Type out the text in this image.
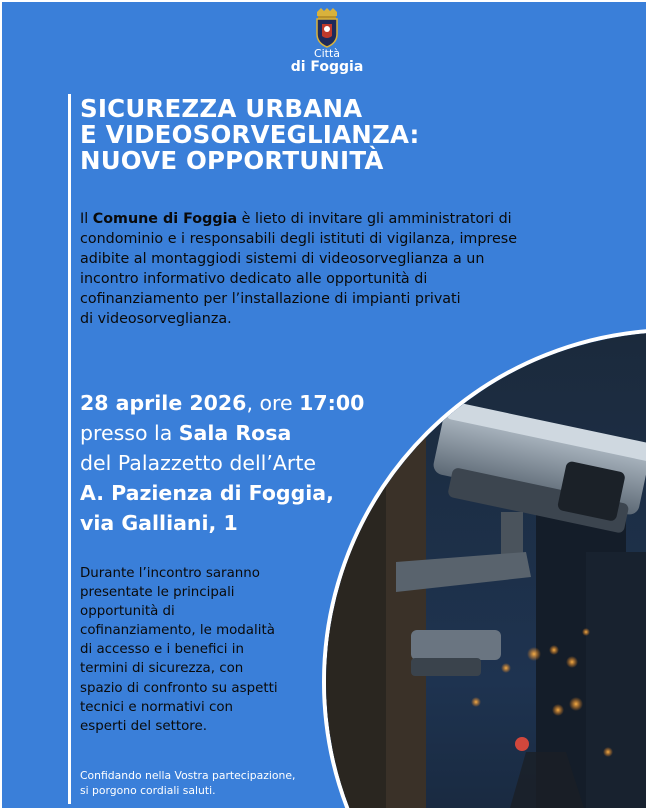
Città
di Foggia
SICUREZZA URBANA
E VIDEOSORVEGLIANZA:
NUOVE OPPORTUNITÀ
Il Comune di Foggia è lieto di invitare gli amministratori di
condominio e i responsabili degli istituti di vigilanza, imprese
adibite al montaggiodi sistemi di videosorveglianza a un
incontro informativo dedicato alle opportunità di
cofinanziamento per l’installazione di impianti privati
di videosorveglianza.
28 aprile 2026, ore 17:00
presso la Sala Rosa
del Palazzetto dell’Arte
A. Pazienza di Foggia,
via Galliani, 1
Durante l’incontro saranno
presentate le principali
opportunità di
cofinanziamento, le modalità
di accesso e i benefici in
termini di sicurezza, con
spazio di confronto su aspetti
tecnici e normativi con
esperti del settore.
Confidando nella Vostra partecipazione,
si porgono cordiali saluti.
